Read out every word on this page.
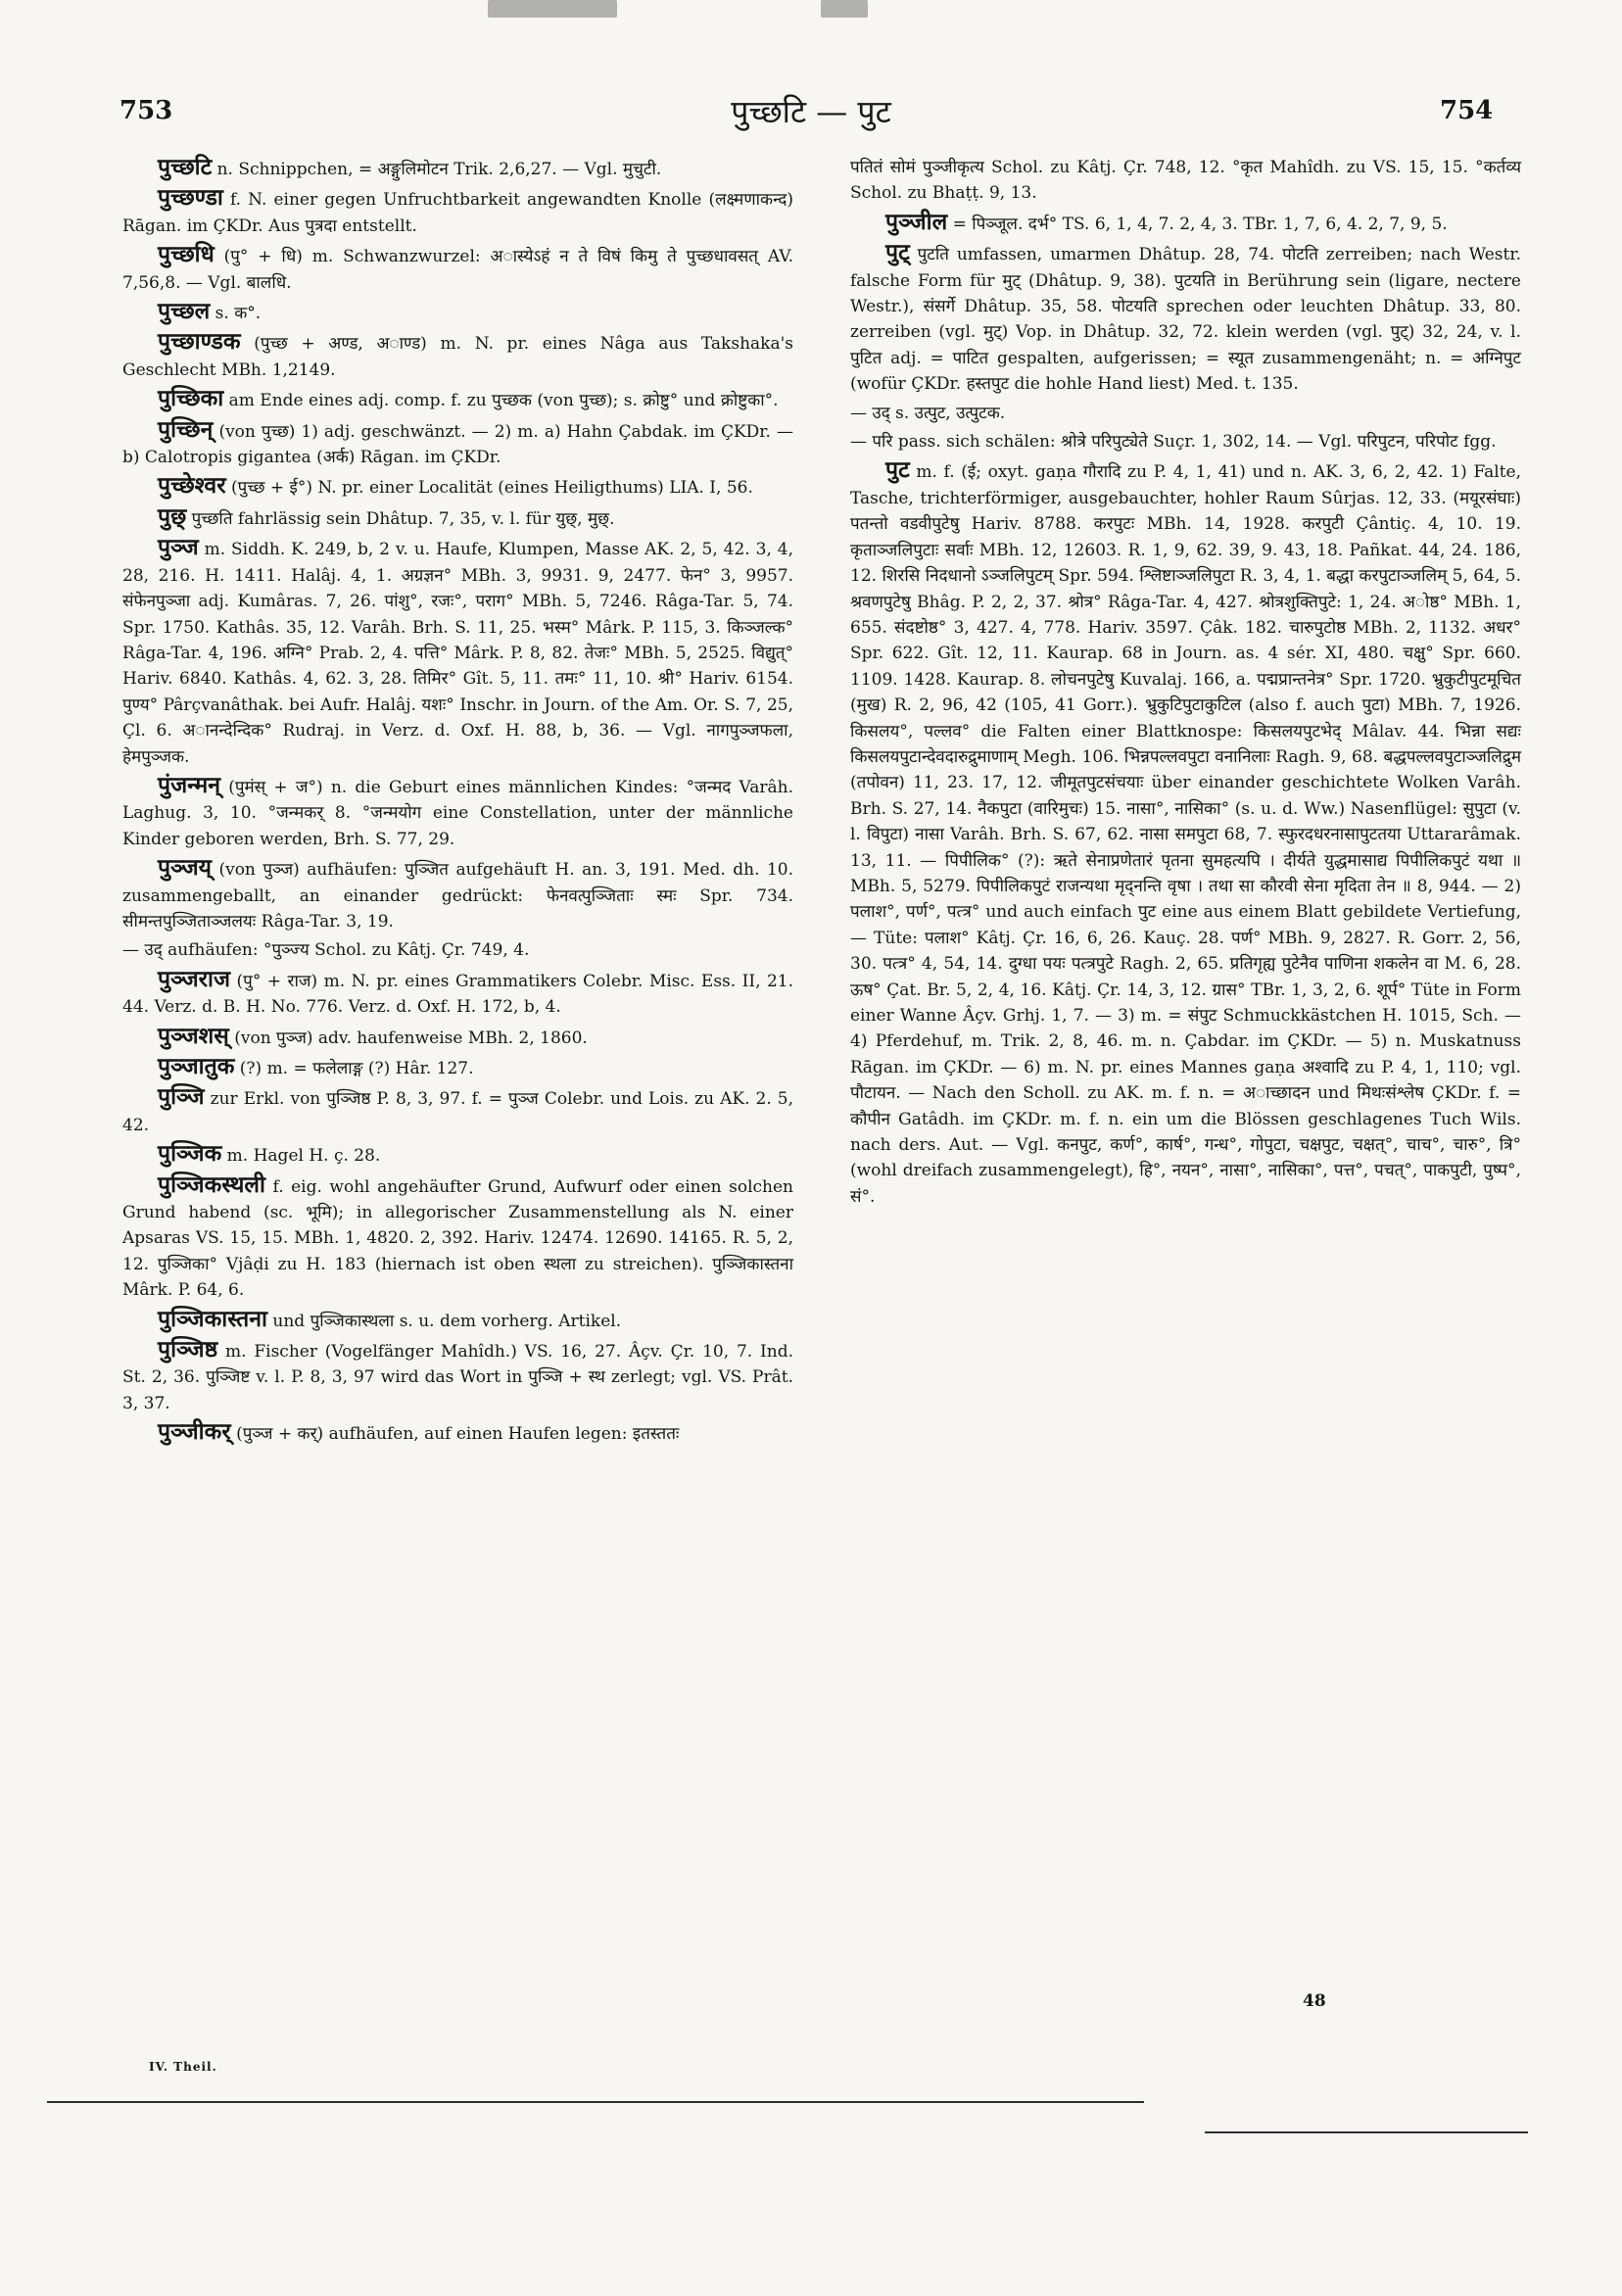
753	पुच्छटि — पुट	754

पुच्छटि n. Schnippchen, = अङ्गुलिमोटन Trik. 2,6,27. — Vgl. मुचुटी.

पुच्छण्डा f. N. einer gegen Unfruchtbarkeit angewandten Knolle (लक्ष्मणाकन्द) Rāgan. im ÇKDr. Aus पुत्रदा entstellt.

पुच्छधि (पु° + धि) m. Schwanzwurzel: अास्येऽहं न ते विषं किमु ते पुच्छधावसत् AV. 7,56,8. — Vgl. बालधि.

पुच्छल s. क°.

पुच्छाण्डक (पुच्छ + अण्ड, अाण्ड) m. N. pr. eines Nâga aus Takshaka's Geschlecht MBh. 1,2149.

पुच्छिका am Ende eines adj. comp. f. zu पुच्छक (von पुच्छ); s. क्रोष्टु° und क्रोष्टुका°.

पुच्छिन् (von पुच्छ) 1) adj. geschwänzt. — 2) m. a) Hahn Çabdak. im ÇKDr. — b) Calotropis gigantea (अर्क) Rāgan. im ÇKDr.

पुच्छेश्वर (पुच्छ + ई°) N. pr. einer Localität (eines Heiligthums) LIA. I, 56.

पुछ् पुच्छति fahrlässig sein Dhâtup. 7, 35, v. l. für युछ्, मुछ्.

पुञ्ज m. Siddh. K. 249, b, 2 v. u. Haufe, Klumpen, Masse AK. 2, 5, 42. 3, 4, 28, 216. H. 1411. Halâj. 4, 1. अग्रज्ञन° MBh. 3, 9931. 9, 2477. फेन° 3, 9957. संफेनपुञ्जा adj. Kumâras. 7, 26. पांशु°, रजः°, पराग° MBh. 5, 7246. Râga-Tar. 5, 74. Spr. 1750. Kathâs. 35, 12. Varâh. Brh. S. 11, 25. भस्म° Mârk. P. 115, 3. किञ्जल्क° Râga-Tar. 4, 196. अग्नि° Prab. 2, 4. पत्ति° Mârk. P. 8, 82. तेजः° MBh. 5, 2525. विद्युत्° Hariv. 6840. Kathâs. 4, 62. 3, 28. तिमिर° Gît. 5, 11. तमः° 11, 10. श्री° Hariv. 6154. पुण्य° Pârçvanâthak. bei Aufr. Halâj. यशः° Inschr. in Journ. of the Am. Or. S. 7, 25, Çl. 6. अानन्देन्दिक° Rudraj. in Verz. d. Oxf. H. 88, b, 36. — Vgl. नागपुञ्जफला, हेमपुञ्जक.

पुंजन्मन् (पुमंस् + ज°) n. die Geburt eines männlichen Kindes: °जन्मद Varâh. Laghug. 3, 10. °जन्मकर् 8. °जन्मयोग eine Constellation, unter der männliche Kinder geboren werden, Brh. S. 77, 29.

पुञ्जय् (von पुञ्ज) aufhäufen: पुञ्जित aufgehäuft H. an. 3, 191. Med. dh. 10. zusammengeballt, an einander gedrückt: फेनवत्पुञ्जिताः स्मः Spr. 734. सीमन्तपुञ्जिताञ्जलयः Râga-Tar. 3, 19.

— उद् aufhäufen: °पुञ्ज्य Schol. zu Kâtj. Çr. 749, 4.

पुञ्जराज (पु° + राज) m. N. pr. eines Grammatikers Colebr. Misc. Ess. II, 21. 44. Verz. d. B. H. No. 776. Verz. d. Oxf. H. 172, b, 4.

पुञ्जशस् (von पुञ्ज) adv. haufenweise MBh. 2, 1860.

पुञ्जातुक (?) m. = फलेलाङ्ग (?) Hâr. 127.

पुञ्जि zur Erkl. von पुञ्जिष्ठ P. 8, 3, 97. f. = पुञ्ज Colebr. und Lois. zu AK. 2. 5, 42.

पुञ्जिक m. Hagel H. ç. 28.

पुञ्जिकस्थली f. eig. wohl angehäufter Grund, Aufwurf oder einen solchen Grund habend (sc. भूमि); in allegorischer Zusammenstellung als N. einer Apsaras VS. 15, 15. MBh. 1, 4820. 2, 392. Hariv. 12474. 12690. 14165. R. 5, 2, 12. पुञ्जिका° Vjâḍi zu H. 183 (hiernach ist oben स्थला zu streichen). पुञ्जिकास्तना Mârk. P. 64, 6.

पुञ्जिकास्तना und पुञ्जिकास्थला s. u. dem vorherg. Artikel.

पुञ्जिष्ठ m. Fischer (Vogelfänger Mahîdh.) VS. 16, 27. Âçv. Çr. 10, 7. Ind. St. 2, 36. पुञ्जिष्ट v. l. P. 8, 3, 97 wird das Wort in पुञ्जि + स्थ zerlegt; vgl. VS. Prât. 3, 37.

पुञ्जीकर् (पुञ्ज + कर्) aufhäufen, auf einen Haufen legen: इतस्ततः

पतितं सोमं पुञ्जीकृत्य Schol. zu Kâtj. Çr. 748, 12. °कृत Mahîdh. zu VS. 15, 15. °कर्तव्य Schol. zu Bhaṭṭ. 9, 13.

पुञ्जील = पिञ्जूल. दर्भ° TS. 6, 1, 4, 7. 2, 4, 3. TBr. 1, 7, 6, 4. 2, 7, 9, 5.

पुट् पुटति umfassen, umarmen Dhâtup. 28, 74. पोटति zerreiben; nach Westr. falsche Form für मुट् (Dhâtup. 9, 38). पुटयति in Berührung sein (ligare, nectere Westr.), संसर्गे Dhâtup. 35, 58. पोटयति sprechen oder leuchten Dhâtup. 33, 80. zerreiben (vgl. मुट्) Vop. in Dhâtup. 32, 72. klein werden (vgl. पुट्) 32, 24, v. l. पुटित adj. = पाटित gespalten, aufgerissen; = स्यूत zusammengenäht; n. = अग्निपुट (wofür ÇKDr. हस्तपुट die hohle Hand liest) Med. t. 135.

— उद् s. उत्पुट, उत्पुटक.

— परि pass. sich schälen: श्रोत्रे परिपुट्येते Suçr. 1, 302, 14. — Vgl. परिपुटन, परिपोट fgg.

पुट m. f. (ई; oxyt. gaṇa गौरादि zu P. 4, 1, 41) und n. AK. 3, 6, 2, 42. 1) Falte, Tasche, trichterförmiger, ausgebauchter, hohler Raum Sûrjas. 12, 33. (मयूरसंघाः) पतन्तो वडवीपुटेषु Hariv. 8788. करपुटः MBh. 14, 1928. करपुटी Çântiç. 4, 10. 19. कृताञ्जलिपुटाः सर्वाः MBh. 12, 12603. R. 1, 9, 62. 39, 9. 43, 18. Pañkat. 44, 24. 186, 12. शिरसि निदधानो ऽञ्जलिपुटम् Spr. 594. श्लिष्टाञ्जलिपुटा R. 3, 4, 1. बद्धा करपुटाञ्जलिम् 5, 64, 5. श्रवणपुटेषु Bhâg. P. 2, 2, 37. श्रोत्र° Râga-Tar. 4, 427. श्रोत्रशुक्तिपुटे: 1, 24. अोष्ठ° MBh. 1, 655. संदष्टोष्ठ° 3, 427. 4, 778. Hariv. 3597. Çâk. 182. चारुपुटोष्ठ MBh. 2, 1132. अधर° Spr. 622. Gît. 12, 11. Kaurap. 68 in Journ. as. 4 sér. XI, 480. चक्षु° Spr. 660. 1109. 1428. Kaurap. 8. लोचनपुटेषु Kuvalaj. 166, a. पद्मप्रान्तनेत्र° Spr. 1720. भ्रुकुटीपुटमूचित (मुख) R. 2, 96, 42 (105, 41 Gorr.). भ्रुकुटिपुटाकुटिल (also f. auch पुटा) MBh. 7, 1926. किसलय°, पल्लव° die Falten einer Blattknospe: किसलयपुटभेद् Mâlav. 44. भिन्ना सद्यः किसलयपुटान्देवदारुद्रुमाणाम् Megh. 106. भिन्नपल्लवपुटा वनानिलाः Ragh. 9, 68. बद्धपल्लवपुटाञ्जलिद्रुम (तपोवन) 11, 23. 17, 12. जीमूतपुटसंचयाः über einander geschichtete Wolken Varâh. Brh. S. 27, 14. नैकपुटा (वारिमुचः) 15. नासा°, नासिका° (s. u. d. Ww.) Nasenflügel: सुपुटा (v. l. विपुटा) नासा Varâh. Brh. S. 67, 62. नासा समपुटा 68, 7. स्फुरदधरनासापुटतया Uttararâmak. 13, 11. — पिपीलिक° (?): ऋते सेनाप्रणेतारं पृतना सुमहत्यपि । दीर्यते युद्धमासाद्य पिपीलिकपुटं यथा ॥ MBh. 5, 5279. पिपीलिकपुटं राजन्यथा मृद्नन्ति वृषा । तथा सा कौरवी सेना मृदिता तेन ॥ 8, 944. — 2) पलाश°, पर्ण°, पत्त्र° und auch einfach पुट eine aus einem Blatt gebildete Vertiefung, — Tüte: पलाश° Kâtj. Çr. 16, 6, 26. Kauç. 28. पर्ण° MBh. 9, 2827. R. Gorr. 2, 56, 30. पत्त्र° 4, 54, 14. दुग्धा पयः पत्त्रपुटे Ragh. 2, 65. प्रतिगृह्य पुटेनैव पाणिना शकलेन वा M. 6, 28. ऊष° Çat. Br. 5, 2, 4, 16. Kâtj. Çr. 14, 3, 12. ग्रास° TBr. 1, 3, 2, 6. शूर्प° Tüte in Form einer Wanne Âçv. Grhj. 1, 7. — 3) m. = संपुट Schmuckkästchen H. 1015, Sch. — 4) Pferdehuf, m. Trik. 2, 8, 46. m. n. Çabdar. im ÇKDr. — 5) n. Muskatnuss Rāgan. im ÇKDr. — 6) m. N. pr. eines Mannes gaṇa अश्वादि zu P. 4, 1, 110; vgl. पौटायन. — Nach den Scholl. zu AK. m. f. n. = अाच्छादन und मिथःसंश्लेष ÇKDr. f. = कौपीन Gatâdh. im ÇKDr. m. f. n. ein um die Blössen geschlagenes Tuch Wils. nach ders. Aut. — Vgl. कनपुट, कर्ण°, कार्ष°, गन्ध°, गोपुटा, चक्षपुट, चक्षत्°, चाच°, चारु°, त्रि° (wohl dreifach zusammengelegt), हि°, नयन°, नासा°, नासिका°, पत्त°, पचत्°, पाकपुटी, पुष्प°, सं°.

IV. Theil.
48
